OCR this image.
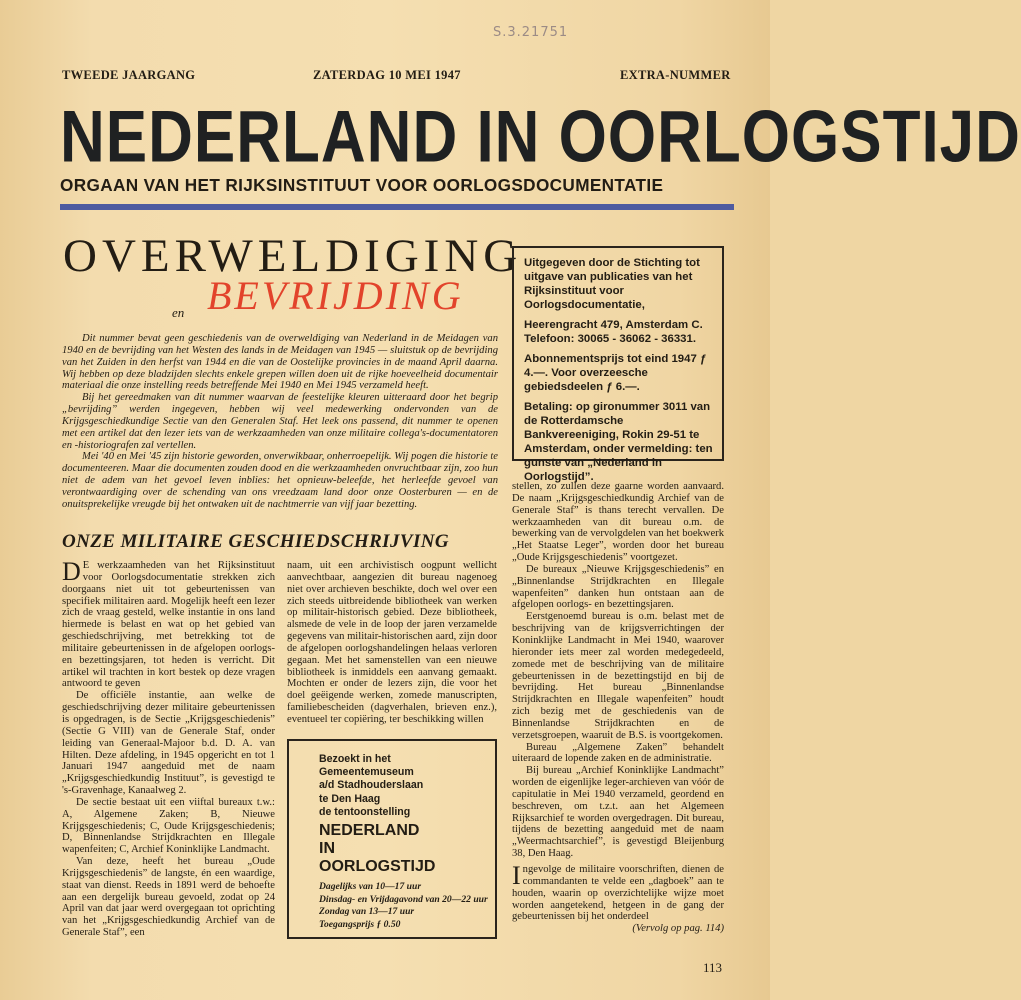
S.3.21751
TWEEDE JAARGANG	ZATERDAG 10 MEI 1947	EXTRA-NUMMER
NEDERLAND IN OORLOGSTIJD
ORGAAN VAN HET RIJKSINSTITUUT VOOR OORLOGSDOCUMENTATIE
OVERWELDIGING
en BEVRIJDING

Uitgegeven door de Stichting tot uitgave van publicaties van het Rijksinstituut voor Oorlogsdocumentatie,

Heerengracht 479, Amsterdam C.

Telefoon: 30065 - 36062 - 36331.

Abonnementsprijs tot eind 1947 ƒ 4.—. Voor overzeesche gebiedsdeelen ƒ 6.—.

Betaling: op gironummer 3011 van de Rotterdamsche Bankvereeniging, Rokin 29-51 te Amsterdam, onder vermelding: ten gunste van „Nederland in Oorlogstijd”.

Dit nummer bevat geen geschiedenis van de overweldiging van Nederland in de Meidagen van 1940 en de bevrijding van het Westen des lands in de Meidagen van 1945 — sluitstuk op de bevrijding van het Zuiden in den herfst van 1944 en die van de Oostelijke provincies in de maand April daarna. Wij hebben op deze bladzijden slechts enkele grepen willen doen uit de rijke hoeveelheid documentair materiaal die onze instelling reeds betreffende Mei 1940 en Mei 1945 verzameld heeft.

Bij het gereedmaken van dit nummer waarvan de feestelijke kleuren uitteraard door het begrip „bevrijding” werden ingegeven, hebben wij veel medewerking ondervonden van de Krijgsgeschiedkundige Sectie van den Generalen Staf. Het leek ons passend, dit nummer te openen met een artikel dat den lezer iets van de werkzaamheden van onze militaire collega's-documentatoren en -historiografen zal vertellen.

Mei '40 en Mei '45 zijn historie geworden, onverwikbaar, onherroepelijk. Wij pogen die historie te documenteeren. Maar die documenten zouden dood en die werkzaamheden onvruchtbaar zijn, zoo hun niet de adem van het gevoel leven inblies: het opnieuw-beleefde, het herleefde gevoel van verontwaardiging over de schending van ons vreedzaam land door onze Oosterburen — en de onuitsprekelijke vreugde bij het ontwaken uit de nachtmerrie van vijf jaar bezetting.

ONZE MILITAIRE GESCHIEDSCHRIJVING

D E werkzaamheden van het Rijksinstituut voor Oorlogsdocumentatie strekken zich doorgaans niet uit tot gebeurtenissen van specifiek militairen aard. Mogelijk heeft een lezer zich de vraag gesteld, welke instantie in ons land hiermede is belast en wat op het gebied van geschiedschrijving, met betrekking tot de militaire gebeurtenissen in de afgelopen oorlogs- en bezettingsjaren, tot heden is verricht. Dit artikel wil trachten in kort bestek op deze vragen antwoord te geven

De officiële instantie, aan welke de geschiedschrijving dezer militaire gebeurtenissen is opgedragen, is de Sectie „Krijgsgeschiedenis” (Sectie G VIII) van de Generale Staf, onder leiding van Generaal-Majoor b.d. D. A. van Hilten. Deze afdeling, in 1945 opgericht en tot 1 Januari 1947 aangeduid met de naam „Krijgsgeschiedkundig Instituut”, is gevestigd te 's-Gravenhage, Kanaalweg 2.

De sectie bestaat uit een viiftal bureaux t.w.: A, Algemene Zaken; B, Nieuwe Krijgsgeschiedenis; C, Oude Krijgsgeschiedenis; D, Binnenlandse Strijdkrachten en Illegale wapenfeiten; C, Archief Koninklijke Landmacht.

Van deze, heeft het bureau „Oude Krijgsgeschiedenis” de langste, én een waardige, staat van dienst. Reeds in 1891 werd de behoefte aan een dergelijk bureau gevoeld, zodat op 24 April van dat jaar werd overgegaan tot oprichting van het „Krijgsgeschiedkundig Archief van de Generale Staf”, een

naam, uit een archivistisch oogpunt wellicht aanvechtbaar, aangezien dit bureau nagenoeg niet over archieven beschikte, doch wel over een zich steeds uitbreidende bibliotheek van werken op militair-historisch gebied. Deze bibliotheek, alsmede de vele in de loop der jaren verzamelde gegevens van militair-historischen aard, zijn door de afgelopen oorlogshandelingen helaas verloren gegaan. Met het samenstellen van een nieuwe bibliotheek is inmiddels een aanvang gemaakt. Mochten er onder de lezers zijn, die voor het doel geëigende werken, zomede manuscripten, familiebescheiden (dagverhalen, brieven enz.), eventueel ter copiëring, ter beschikking willen

Bezoekt in het
Gemeentemuseum
a/d Stadhouderslaan
te Den Haag
de tentoonstelling
NEDERLAND
IN
OORLOGSTIJD
Dagelijks van 10—17 uur
Dinsdag- en Vrijdagavond van 20—22 uur
Zondag van 13—17 uur
Toegangsprijs ƒ 0.50

stellen, zo zullen deze gaarne worden aanvaard. De naam „Krijgsgeschiedkundig Archief van de Generale Staf” is thans terecht vervallen. De werkzaamheden van dit bureau o.m. de bewerking van de vervolgdelen van het boekwerk „Het Staatse Leger”, worden door het bureau „Oude Krijgsgeschiedenis” voortgezet.

De bureaux „Nieuwe Krijgsgeschiedenis” en „Binnenlandse Strijdkrachten en Illegale wapenfeiten” danken hun ontstaan aan de afgelopen oorlogs- en bezettingsjaren.

Eerstgenoemd bureau is o.m. belast met de beschrijving van de krijgsverrichtingen der Koninklijke Landmacht in Mei 1940, waarover hieronder iets meer zal worden medegedeeld, zomede met de beschrijving van de militaire gebeurtenissen in de bezettingstijd en bij de bevrijding. Het bureau „Binnenlandse Strijdkrachten en Illegale wapenfeiten” houdt zich bezig met de geschiedenis van de Binnenlandse Strijdkrachten en de verzetsgroepen, waaruit de B.S. is voortgekomen.

Bureau „Algemene Zaken” behandelt uiteraard de lopende zaken en de administratie.

Bij bureau „Archief Koninklijke Landmacht” worden de eigenlijke leger-archieven van vóór de capitulatie in Mei 1940 verzameld, geordend en beschreven, om t.z.t. aan het Algemeen Rijksarchief te worden overgedragen. Dit bureau, tijdens de bezetting aangeduid met de naam „Weermachtsarchief”, is gevestigd Bleijenburg 38, Den Haag.

Ingevolge de militaire voorschriften, dienen de commandanten te velde een „dagboek” aan te houden, waarin op overzichtelijke wijze moet worden aangetekend, hetgeen in de gang der gebeurtenissen bij het onderdeel

(Vervolg op pag. 114)

113
